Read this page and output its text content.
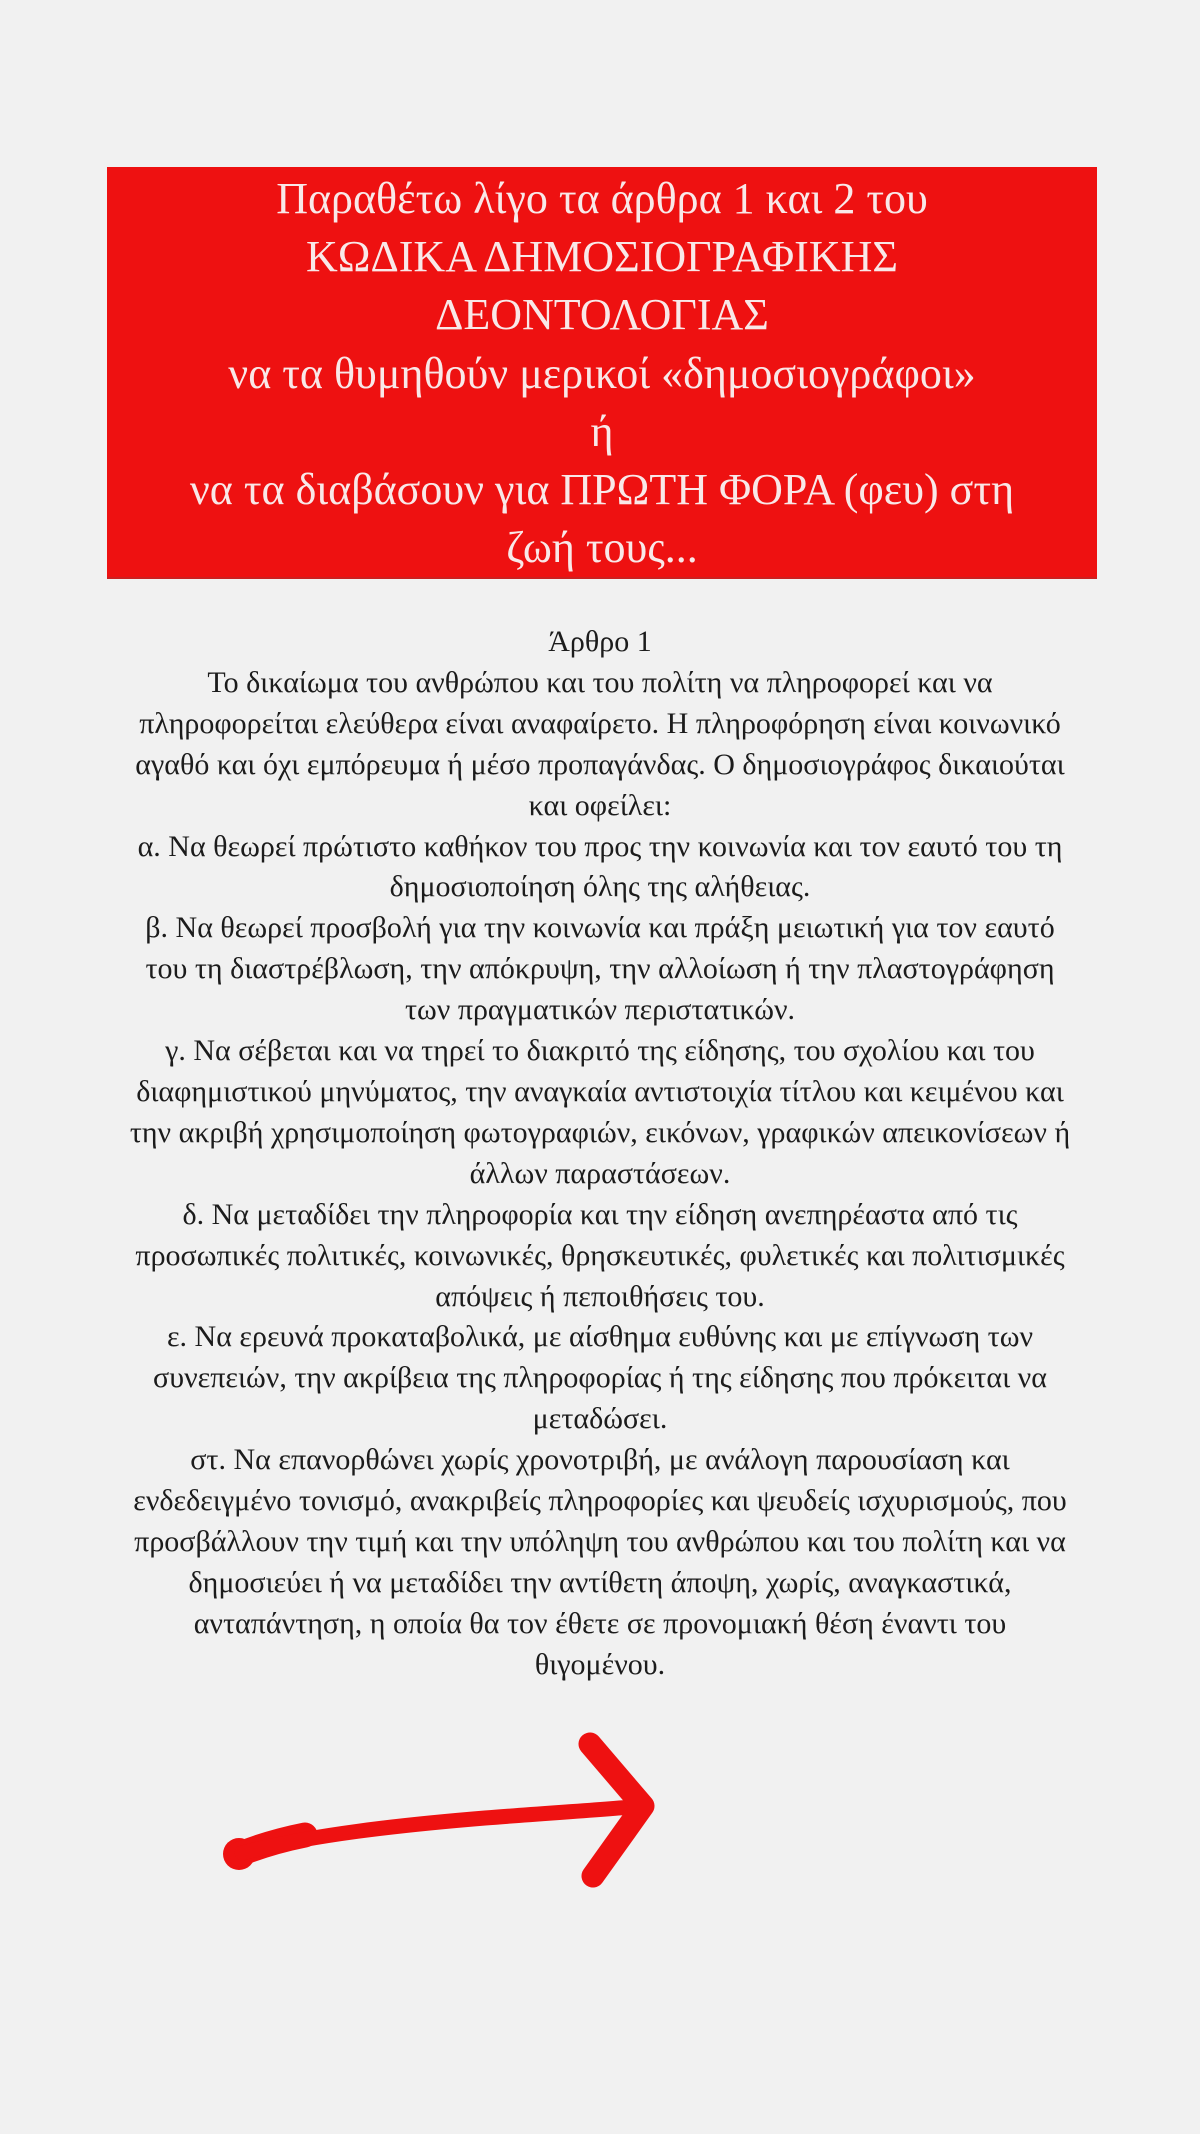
Παραθέτω λίγο τα άρθρα 1 και 2 του
ΚΩΔΙΚΑ ΔΗΜΟΣΙΟΓΡΑΦΙΚΗΣ
ΔΕΟΝΤΟΛΟΓΙΑΣ
να τα θυμηθούν μερικοί «δημοσιογράφοι»
ή
να τα διαβάσουν για ΠΡΩΤΗ ΦΟΡΑ (φευ) στη
ζωή τους...
Άρθρο 1
Το δικαίωμα του ανθρώπου και του πολίτη να πληροφορεί και να
πληροφορείται ελεύθερα είναι αναφαίρετο. Η πληροφόρηση είναι κοινωνικό
αγαθό και όχι εμπόρευμα ή μέσο προπαγάνδας. Ο δημοσιογράφος δικαιούται
και οφείλει:
α. Να θεωρεί πρώτιστο καθήκον του προς την κοινωνία και τον εαυτό του τη
δημοσιοποίηση όλης της αλήθειας.
β. Να θεωρεί προσβολή για την κοινωνία και πράξη μειωτική για τον εαυτό
του τη διαστρέβλωση, την απόκρυψη, την αλλοίωση ή την πλαστογράφηση
των πραγματικών περιστατικών.
γ. Να σέβεται και να τηρεί το διακριτό της είδησης, του σχολίου και του
διαφημιστικού μηνύματος, την αναγκαία αντιστοιχία τίτλου και κειμένου και
την ακριβή χρησιμοποίηση φωτογραφιών, εικόνων, γραφικών απεικονίσεων ή
άλλων παραστάσεων.
δ. Να μεταδίδει την πληροφορία και την είδηση ανεπηρέαστα από τις
προσωπικές πολιτικές, κοινωνικές, θρησκευτικές, φυλετικές και πολιτισμικές
απόψεις ή πεποιθήσεις του.
ε. Να ερευνά προκαταβολικά, με αίσθημα ευθύνης και με επίγνωση των
συνεπειών, την ακρίβεια της πληροφορίας ή της είδησης που πρόκειται να
μεταδώσει.
στ. Να επανορθώνει χωρίς χρονοτριβή, με ανάλογη παρουσίαση και
ενδεδειγμένο τονισμό, ανακριβείς πληροφορίες και ψευδείς ισχυρισμούς, που
προσβάλλουν την τιμή και την υπόληψη του ανθρώπου και του πολίτη και να
δημοσιεύει ή να μεταδίδει την αντίθετη άποψη, χωρίς, αναγκαστικά,
ανταπάντηση, η οποία θα τον έθετε σε προνομιακή θέση έναντι του
θιγομένου.
